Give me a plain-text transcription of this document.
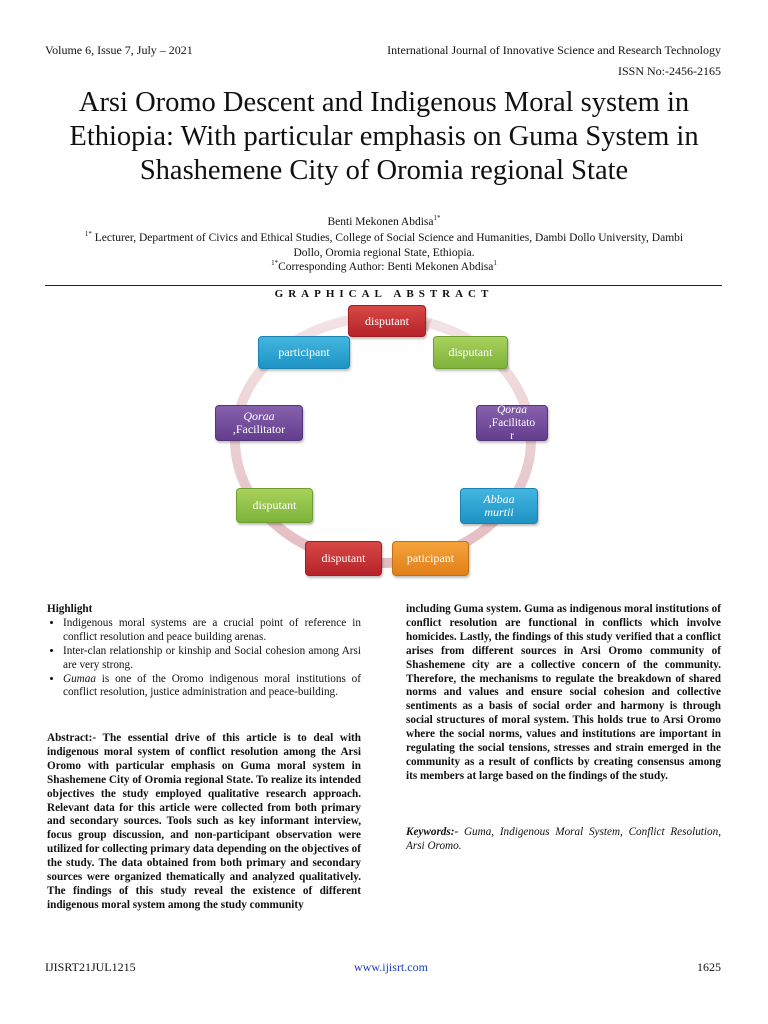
Volume 6, Issue 7, July – 2021	International Journal of Innovative Science and Research Technology
ISSN No:-2456-2165
Arsi Oromo Descent and Indigenous Moral system in Ethiopia: With particular emphasis on Guma System in Shashemene City of Oromia regional State
Benti Mekonen Abdisa$^{1*}$
$^{1*}$ Lecturer, Department of Civics and Ethical Studies, College of Social Science and Humanities, Dambi Dollo University, Dambi
Dollo, Oromia regional State, Ethiopia.
$^{1*}$Corresponding Author: Benti Mekonen Abdisa$^1$
GRAPHICAL ABSTRACT
disputant
disputant
Qoraa
,Facilitato
r
Abbaa
murtii
paticipant
disputant
disputant
Qoraa
,Facilitator
participant
Highlight
• Indigenous moral systems are a crucial point of reference in conflict resolution and peace building arenas.
• Inter-clan relationship or kinship and Social cohesion among Arsi are very strong.
• Gumaa is one of the Oromo indigenous moral institutions of conflict resolution, justice administration and peace-building.
Abstract:- The essential drive of this article is to deal with indigenous moral system of conflict resolution among the Arsi Oromo with particular emphasis on Guma moral system in Shashemene City of Oromia regional State. To realize its intended objectives the study employed qualitative research approach. Relevant data for this article were collected from both primary and secondary sources. Tools such as key informant interview, focus group discussion, and non-participant observation were utilized for collecting primary data depending on the objectives of the study. The data obtained from both primary and secondary sources were organized thematically and analyzed qualitatively. The findings of this study reveal the existence of different indigenous moral system among the study community
including Guma system. Guma as indigenous moral institutions of conflict resolution are functional in conflicts which involve homicides. Lastly, the findings of this study verified that a conflict arises from different sources in Arsi Oromo community of Shashemene city are a collective concern of the community. Therefore, the mechanisms to regulate the breakdown of shared norms and values and ensure social cohesion and collective sentiments as a basis of social order and harmony is through social structures of moral system. This holds true to Arsi Oromo where the social norms, values and institutions are important in regulating the social tensions, stresses and strain emerged in the community as a result of conflicts by creating consensus among its members at large based on the findings of the study.
Keywords:- Guma, Indigenous Moral System, Conflict Resolution, Arsi Oromo.
IJISRT21JUL1215	www.ijisrt.com	1625
